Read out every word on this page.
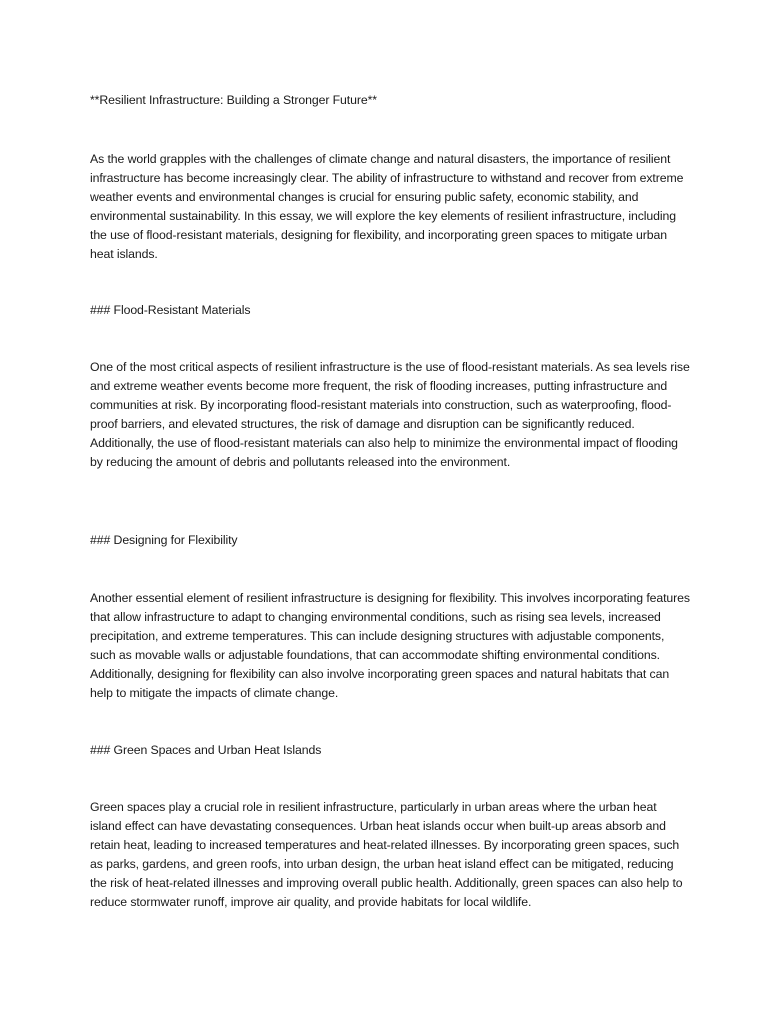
**Resilient Infrastructure: Building a Stronger Future**

As the world grapples with the challenges of climate change and natural disasters, the importance of resilient infrastructure has become increasingly clear. The ability of infrastructure to withstand and recover from extreme weather events and environmental changes is crucial for ensuring public safety, economic stability, and environmental sustainability. In this essay, we will explore the key elements of resilient infrastructure, including the use of flood-resistant materials, designing for flexibility, and incorporating green spaces to mitigate urban heat islands.

### Flood-Resistant Materials

One of the most critical aspects of resilient infrastructure is the use of flood-resistant materials. As sea levels rise and extreme weather events become more frequent, the risk of flooding increases, putting infrastructure and communities at risk. By incorporating flood-resistant materials into construction, such as waterproofing, flood-proof barriers, and elevated structures, the risk of damage and disruption can be significantly reduced. Additionally, the use of flood-resistant materials can also help to minimize the environmental impact of flooding by reducing the amount of debris and pollutants released into the environment.

### Designing for Flexibility

Another essential element of resilient infrastructure is designing for flexibility. This involves incorporating features that allow infrastructure to adapt to changing environmental conditions, such as rising sea levels, increased precipitation, and extreme temperatures. This can include designing structures with adjustable components, such as movable walls or adjustable foundations, that can accommodate shifting environmental conditions. Additionally, designing for flexibility can also involve incorporating green spaces and natural habitats that can help to mitigate the impacts of climate change.

### Green Spaces and Urban Heat Islands

Green spaces play a crucial role in resilient infrastructure, particularly in urban areas where the urban heat island effect can have devastating consequences. Urban heat islands occur when built-up areas absorb and retain heat, leading to increased temperatures and heat-related illnesses. By incorporating green spaces, such as parks, gardens, and green roofs, into urban design, the urban heat island effect can be mitigated, reducing the risk of heat-related illnesses and improving overall public health. Additionally, green spaces can also help to reduce stormwater runoff, improve air quality, and provide habitats for local wildlife.
